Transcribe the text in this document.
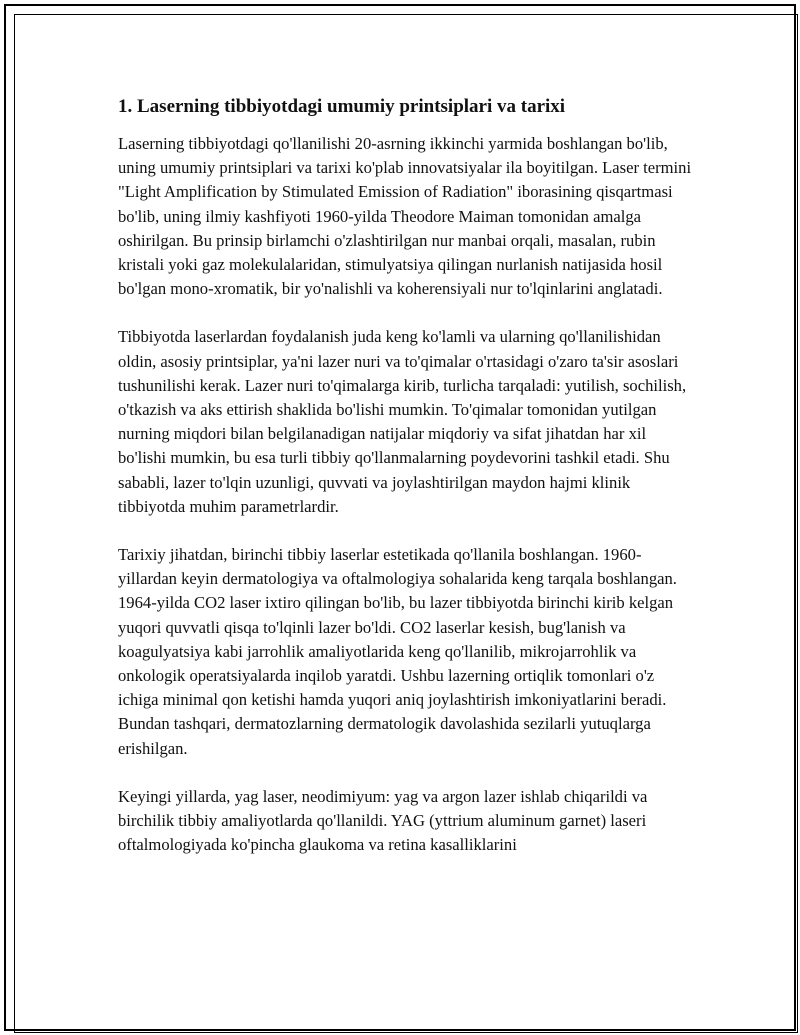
1. Laserning tibbiyotdagi umumiy printsiplari va tarixi

Laserning tibbiyotdagi qo'llanilishi 20-asrning ikkinchi yarmida boshlangan bo'lib, uning umumiy printsiplari va tarixi ko'plab innovatsiyalar ila boyitilgan. Laser termini "Light Amplification by Stimulated Emission of Radiation" iborasining qisqartmasi bo'lib, uning ilmiy kashfiyoti 1960-yilda Theodore Maiman tomonidan amalga oshirilgan. Bu prinsip birlamchi o'zlashtirilgan nur manbai orqali, masalan, rubin kristali yoki gaz molekulalaridan, stimulyatsiya qilingan nurlanish natijasida hosil bo'lgan mono-xromatik, bir yo'nalishli va koherensiyali nur to'lqinlarini anglatadi.

Tibbiyotda laserlardan foydalanish juda keng ko'lamli va ularning qo'llanilishidan oldin, asosiy printsiplar, ya'ni lazer nuri va to'qimalar o'rtasidagi o'zaro ta'sir asoslari tushunilishi kerak. Lazer nuri to'qimalarga kirib, turlicha tarqaladi: yutilish, sochilish, o'tkazish va aks ettirish shaklida bo'lishi mumkin. To'qimalar tomonidan yutilgan nurning miqdori bilan belgilanadigan natijalar miqdoriy va sifat jihatdan har xil bo'lishi mumkin, bu esa turli tibbiy qo'llanmalarning poydevorini tashkil etadi. Shu sababli, lazer to'lqin uzunligi, quvvati va joylashtirilgan maydon hajmi klinik tibbiyotda muhim parametrlardir.

Tarixiy jihatdan, birinchi tibbiy laserlar estetikada qo'llanila boshlangan. 1960-yillardan keyin dermatologiya va oftalmologiya sohalarida keng tarqala boshlangan. 1964-yilda CO2 laser ixtiro qilingan bo'lib, bu lazer tibbiyotda birinchi kirib kelgan yuqori quvvatli qisqa to'lqinli lazer bo'ldi. CO2 laserlar kesish, bug'lanish va koagulyatsiya kabi jarrohlik amaliyotlarida keng qo'llanilib, mikrojarrohlik va onkologik operatsiyalarda inqilob yaratdi. Ushbu lazerning ortiqlik tomonlari o'z ichiga minimal qon ketishi hamda yuqori aniq joylashtirish imkoniyatlarini beradi. Bundan tashqari, dermatozlarning dermatologik davolashida sezilarli yutuqlarga erishilgan.

Keyingi yillarda, yag laser, neodimiyum: yag va argon lazer ishlab chiqarildi va birchilik tibbiy amaliyotlarda qo'llanildi. YAG (yttrium aluminum garnet) laseri oftalmologiyada ko'pincha glaukoma va retina kasalliklarini
